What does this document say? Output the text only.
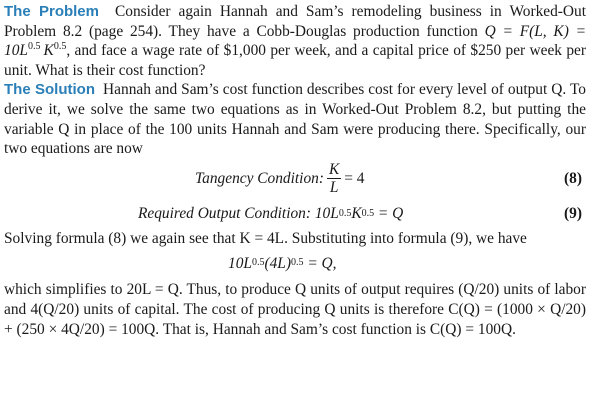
The Problem Consider again Hannah and Sam’s remodeling business in Worked-Out Problem 8.2 (page 254). They have a Cobb-Douglas production function Q = F(L, $K) = 10L^{0.5}$  $K^{0.5}$, and face a wage rate of $1,000 per week, and a capital price of $250 per week per unit. What is their cost function?

The Solution Hannah and Sam’s cost function describes cost for every level of output Q. To derive it, we solve the same two equations as in Worked-Out Problem 8.2, but putting the variable Q in place of the 100 units Hannah and Sam were producing there. Specifically, our two equations are now

Tangency Condition: $\frac{K}{L} = 4$	(8)
Required Output Condition:
10L 0.5 K 0.5 = Q	(9)

Solving formula (8) we again see that K = 4L. Substituting into formula (9), we have

10L 0.5 (4L) 0.5 = Q,

which simplifies to 20L = Q. Thus, to produce Q units of output requires (Q/20) units of labor and 4(Q/20) units of capital. The cost of producing Q units is therefore C(Q) = (1000 × Q/20) + (250 × 4Q/20) = 100Q. That is, Hannah and Sam’s cost function is C(Q) = 100Q.
